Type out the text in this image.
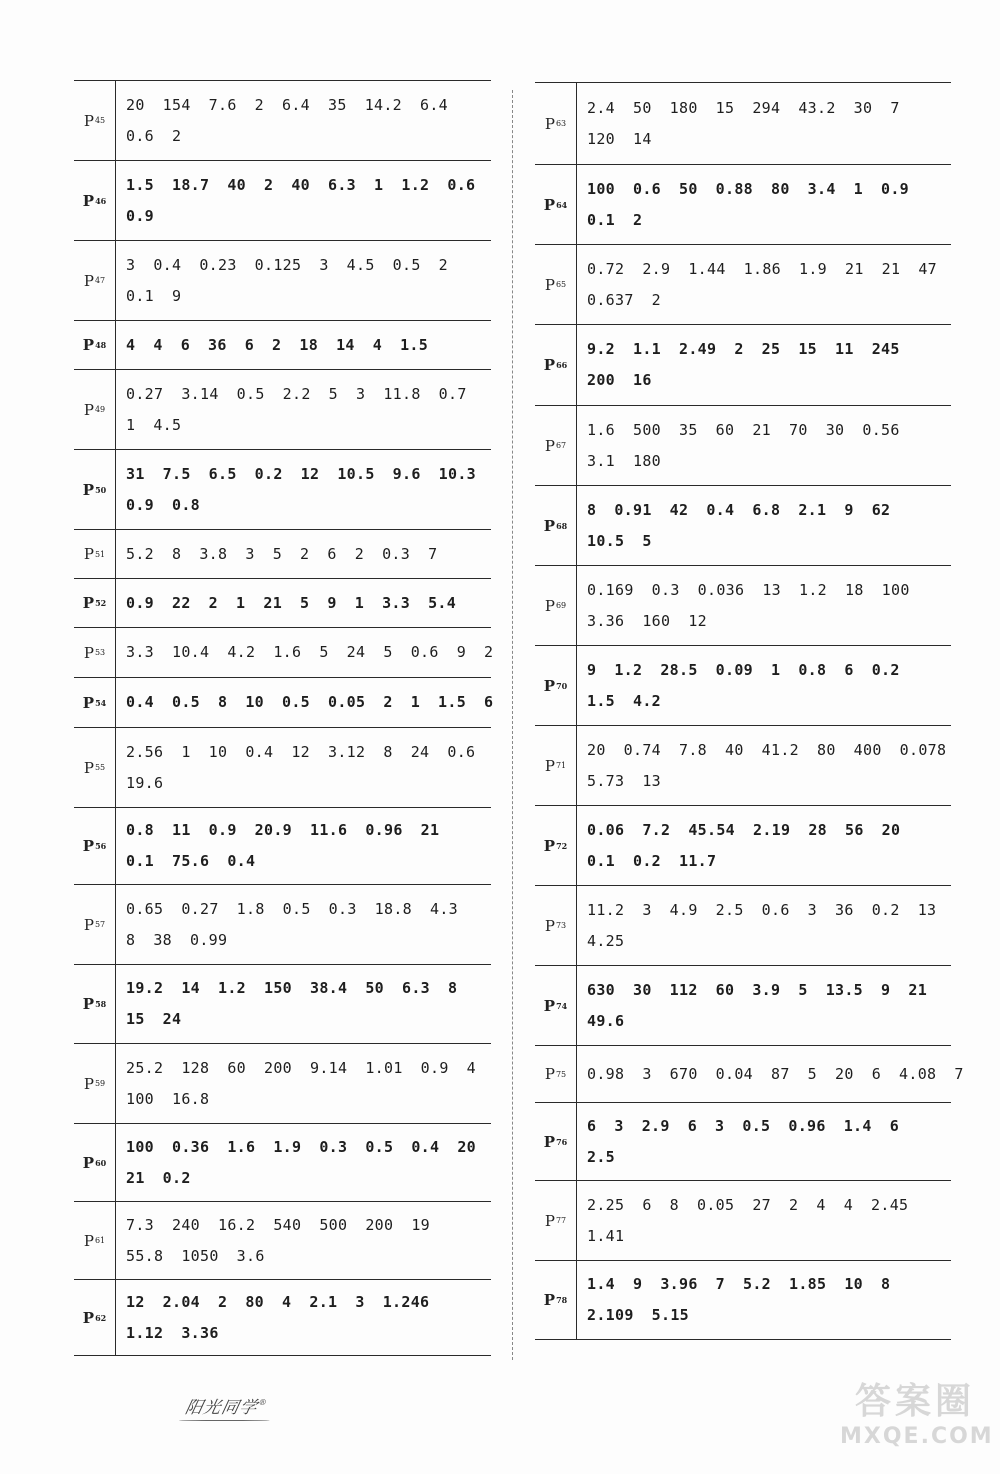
P 45
20 154 7.6 2 6.4 35 14.2 6.4
0.6 2
P 46
1.5 18.7 40 2 40 6.3 1 1.2 0.6
0.9
P 47
3 0.4 0.23 0.125 3 4.5 0.5 2
0.1 9
P 48 4 4 6 36 6 2 18 14 4 1.5
P 49
0.27 3.14 0.5 2.2 5 3 11.8 0.7
1 4.5
P 50
31 7.5 6.5 0.2 12 10.5 9.6 10.3
0.9 0.8
P 51 5.2 8 3.8 3 5 2 6 2 0.3 7
P 52 0.9 22 2 1 21 5 9 1 3.3 5.4
P 53 3.3 10.4 4.2 1.6 5 24 5 0.6 9 2
P 54 0.4 0.5 8 10 0.5 0.05 2 1 1.5 6
P 55
2.56 1 10 0.4 12 3.12 8 24 0.6
19.6
P 56
0.8 11 0.9 20.9 11.6 0.96 21
0.1 75.6 0.4
P 57
0.65 0.27 1.8 0.5 0.3 18.8 4.3
8 38 0.99
P 58
19.2 14 1.2 150 38.4 50 6.3 8
15 24
P 59
25.2 128 60 200 9.14 1.01 0.9 4
100 16.8
P 60
100 0.36 1.6 1.9 0.3 0.5 0.4 20
21 0.2
P 61
7.3 240 16.2 540 500 200 19
55.8 1050 3.6
P 62
12 2.04 2 80 4 2.1 3 1.246
1.12 3.36
P 63
2.4 50 180 15 294 43.2 30 7
120 14
P 64
100 0.6 50 0.88 80 3.4 1 0.9
0.1 2
P 65
0.72 2.9 1.44 1.86 1.9 21 21 47
0.637 2
P 66
9.2 1.1 2.49 2 25 15 11 245
200 16
P 67
1.6 500 35 60 21 70 30 0.56
3.1 180
P 68
8 0.91 42 0.4 6.8 2.1 9 62
10.5 5
P 69
0.169 0.3 0.036 13 1.2 18 100
3.36 160 12
P 70
9 1.2 28.5 0.09 1 0.8 6 0.2
1.5 4.2
P 71
20 0.74 7.8 40 41.2 80 400 0.078
5.73 13
P 72
0.06 7.2 45.54 2.19 28 56 20
0.1 0.2 11.7
P 73
11.2 3 4.9 2.5 0.6 3 36 0.2 13
4.25
P 74
630 30 112 60 3.9 5 13.5 9 21
49.6
P 75 0.98 3 670 0.04 87 5 20 6 4.08 7
P 76
6 3 2.9 6 3 0.5 0.96 1.4 6
2.5
P 77
2.25 6 8 0.05 27 2 4 4 2.45
1.41
P 78
1.4 9 3.96 7 5.2 1.85 10 8
2.109 5.15
阳光同学®	答案圈
MXQE.COM
